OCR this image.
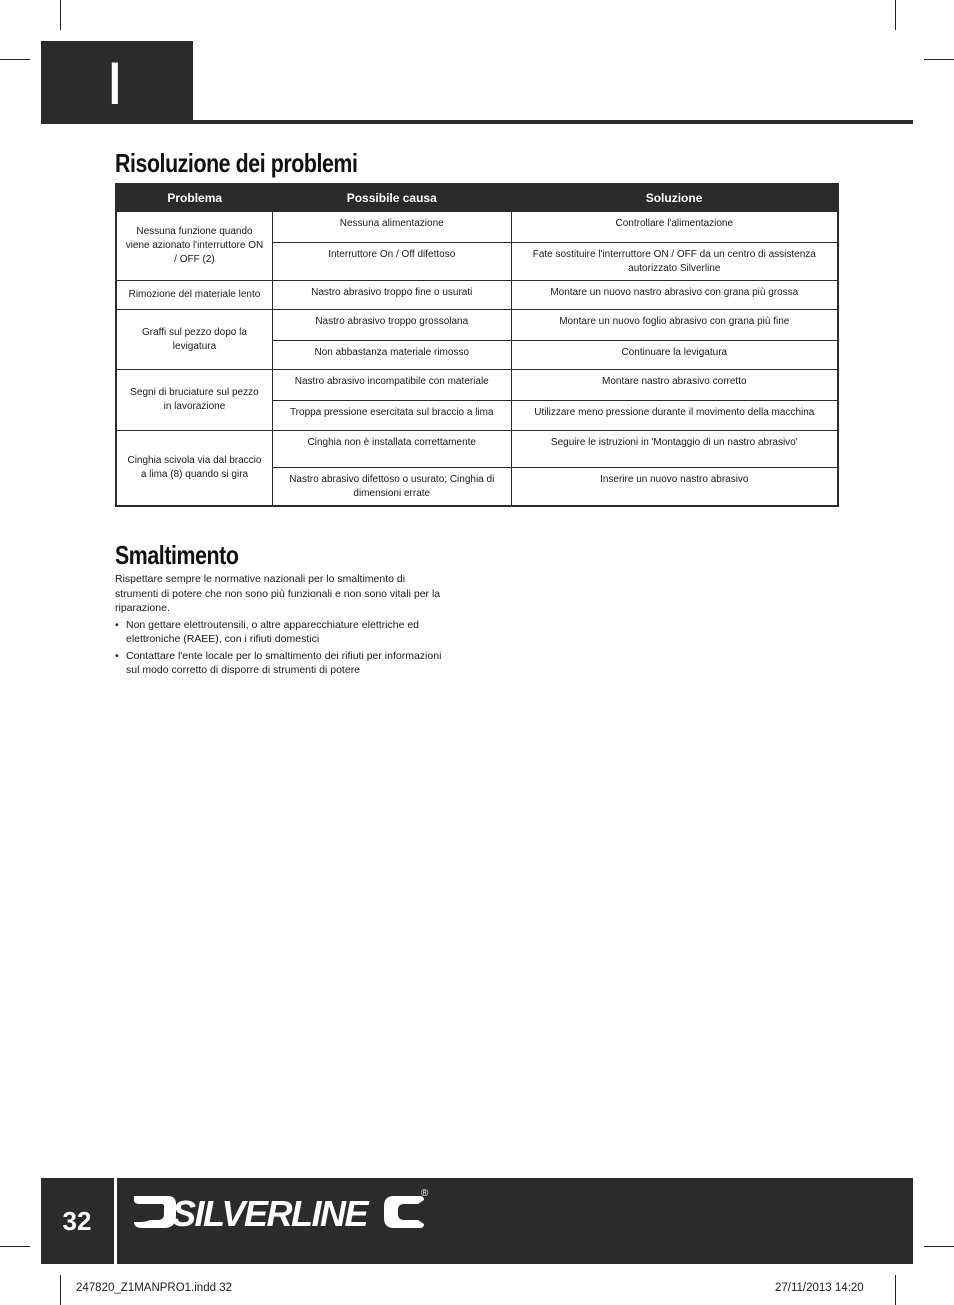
I
Risoluzione dei problemi
Problema	Possibile causa	Soluzione
Nessuna funzione quando viene azionato l'interruttore ON / OFF (2)	Nessuna alimentazione	Controllare l'alimentazione
	Interruttore On / Off difettoso	Fate sostituire l'interruttore ON / OFF da un centro di assistenza autorizzato Silverline
Rimozione del materiale lento	Nastro abrasivo troppo fine o usurati	Montare un nuovo nastro abrasivo con grana più grossa
Graffi sul pezzo dopo la levigatura	Nastro abrasivo troppo grossolana	Montare un nuovo foglio abrasivo con grana più fine
	Non abbastanza materiale rimosso	Continuare la levigatura
Segni di bruciature sul pezzo in lavorazione	Nastro abrasivo incompatibile con materiale	Montare nastro abrasivo corretto
	Troppa pressione esercitata sul braccio a lima	Utilizzare meno pressione durante il movimento della macchina
Cinghia scivola via dal braccio a lima (8) quando si gira	Cinghia non è installata correttamente	Seguire le istruzioni in 'Montaggio di un nastro abrasivo'
	Nastro abrasivo difettoso o usurato; Cinghia di dimensioni errate	Inserire un nuovo nastro abrasivo
Smaltimento

Rispettare sempre le normative nazionali per lo smaltimento di strumenti di potere che non sono più funzionali e non sono vitali per la riparazione.

• Non gettare elettroutensili, o altre apparecchiature elettriche ed elettroniche (RAEE), con i rifiuti domestici
• Contattare l'ente locale per lo smaltimento dei rifiuti per informazioni sul modo corretto di disporre di strumenti di potere
32	SILVERLINE	®
247820_Z1MANPRO1.indd 32	27/11/2013 14:20
